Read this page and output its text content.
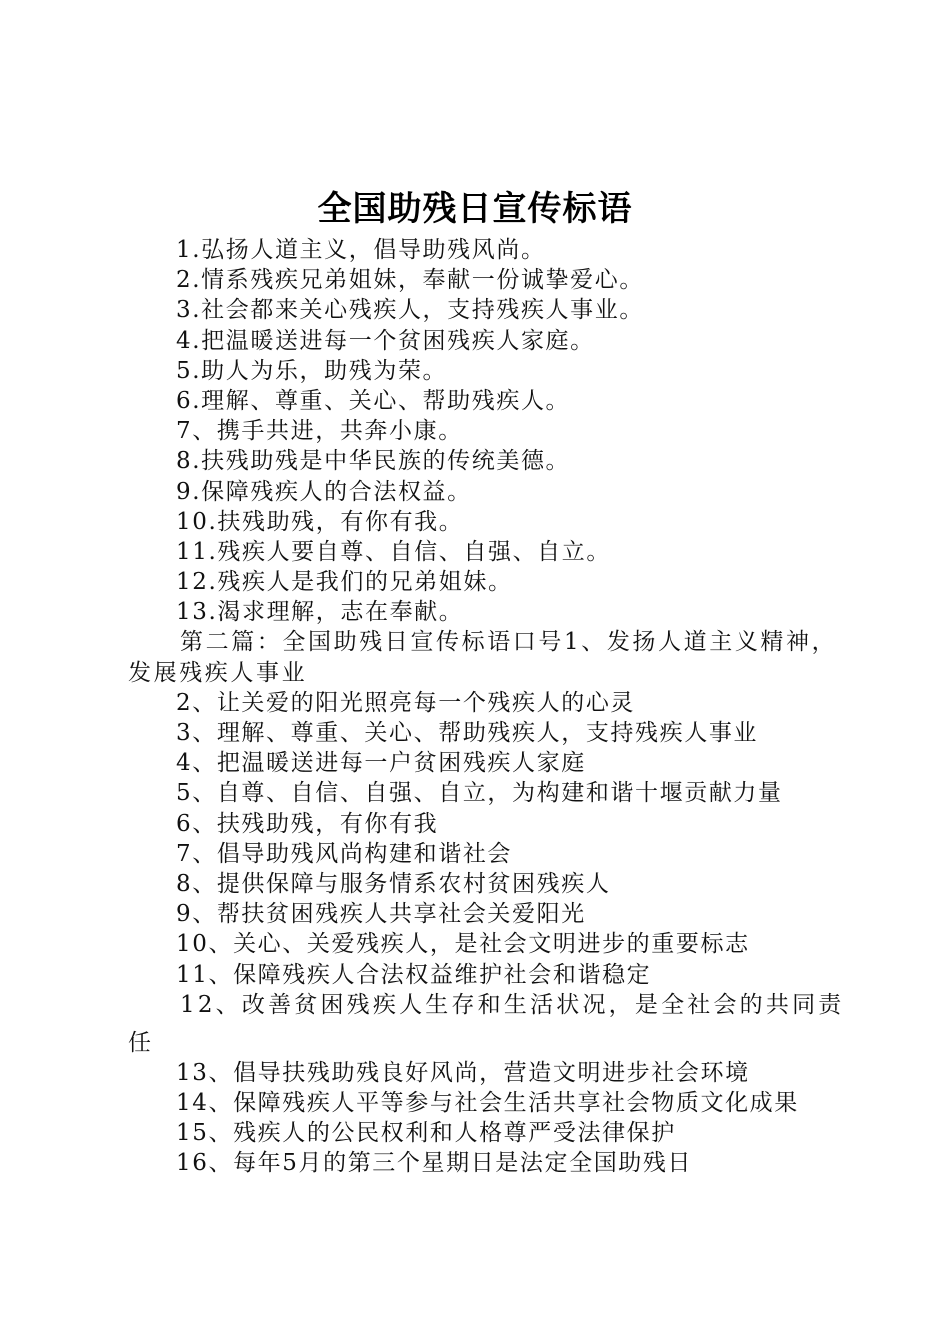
全国助残日宣传标语
1.弘扬人道主义，倡导助残风尚。
2.情系残疾兄弟姐妹，奉献一份诚挚爱心。
3.社会都来关心残疾人，支持残疾人事业。
4.把温暖送进每一个贫困残疾人家庭。
5.助人为乐，助残为荣。
6.理解、尊重、关心、帮助残疾人。
7、携手共进，共奔小康。
8.扶残助残是中华民族的传统美德。
9.保障残疾人的合法权益。
10.扶残助残，有你有我。
11.残疾人要自尊、自信、自强、自立。
12.残疾人是我们的兄弟姐妹。
13.渴求理解，志在奉献。
第二篇：全国助残日宣传标语口号1、发扬人道主义精神，发展残疾人事业
2、让关爱的阳光照亮每一个残疾人的心灵
3、理解、尊重、关心、帮助残疾人，支持残疾人事业
4、把温暖送进每一户贫困残疾人家庭
5、自尊、自信、自强、自立，为构建和谐十堰贡献力量
6、扶残助残，有你有我
7、倡导助残风尚构建和谐社会
8、提供保障与服务情系农村贫困残疾人
9、帮扶贫困残疾人共享社会关爱阳光
10、关心、关爱残疾人，是社会文明进步的重要标志
11、保障残疾人合法权益维护社会和谐稳定
12、改善贫困残疾人生存和生活状况，是全社会的共同责任
13、倡导扶残助残良好风尚，营造文明进步社会环境
14、保障残疾人平等参与社会生活共享社会物质文化成果
15、残疾人的公民权利和人格尊严受法律保护
16、每年5月的第三个星期日是法定全国助残日
